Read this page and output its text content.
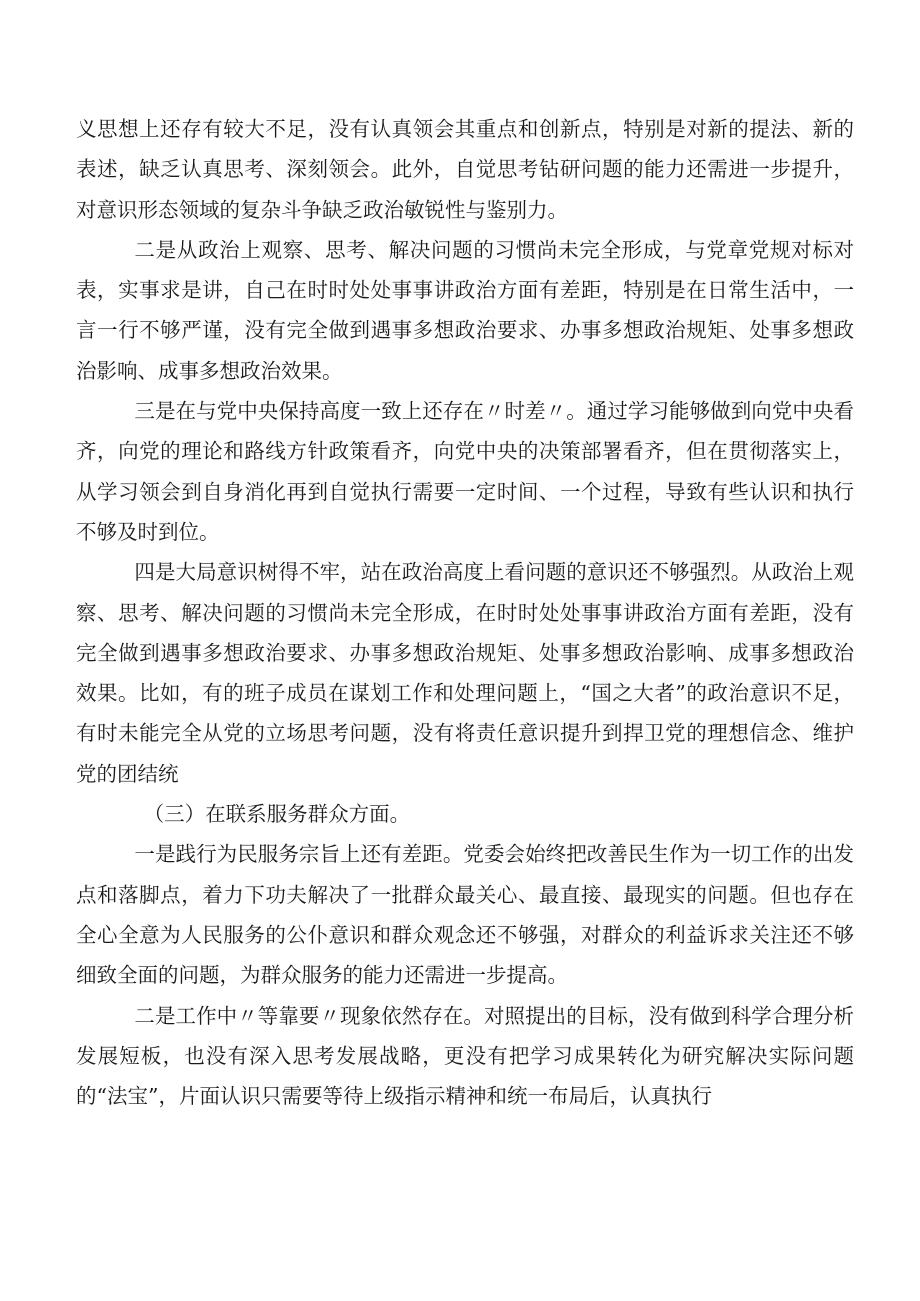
义思想上还存有较大不足，没有认真领会其重点和创新点，特别是对新的提法、新的表述，缺乏认真思考、深刻领会。此外，自觉思考钻研问题的能力还需进一步提升，对意识形态领域的复杂斗争缺乏政治敏锐性与鉴别力。

二是从政治上观察、思考、解决问题的习惯尚未完全形成，与党章党规对标对表，实事求是讲，自己在时时处处事事讲政治方面有差距，特别是在日常生活中，一言一行不够严谨，没有完全做到遇事多想政治要求、办事多想政治规矩、处事多想政治影响、成事多想政治效果。

三是在与党中央保持高度一致上还存在〃时差〃。通过学习能够做到向党中央看齐，向党的理论和路线方针政策看齐，向党中央的决策部署看齐，但在贯彻落实上，从学习领会到自身消化再到自觉执行需要一定时间、一个过程，导致有些认识和执行不够及时到位。

四是大局意识树得不牢，站在政治高度上看问题的意识还不够强烈。从政治上观察、思考、解决问题的习惯尚未完全形成，在时时处处事事讲政治方面有差距，没有完全做到遇事多想政治要求、办事多想政治规矩、处事多想政治影响、成事多想政治效果。比如，有的班子成员在谋划工作和处理问题上，“国之大者”的政治意识不足，有时未能完全从党的立场思考问题，没有将责任意识提升到捍卫党的理想信念、维护党的团结统

（三）在联系服务群众方面。

一是践行为民服务宗旨上还有差距。党委会始终把改善民生作为一切工作的出发点和落脚点，着力下功夫解决了一批群众最关心、最直接、最现实的问题。但也存在全心全意为人民服务的公仆意识和群众观念还不够强，对群众的利益诉求关注还不够细致全面的问题，为群众服务的能力还需进一步提高。

二是工作中〃等靠要〃现象依然存在。对照提出的目标，没有做到科学合理分析发展短板，也没有深入思考发展战略，更没有把学习成果转化为研究解决实际问题的“法宝”，片面认识只需要等待上级指示精神和统一布局后，认真执行
